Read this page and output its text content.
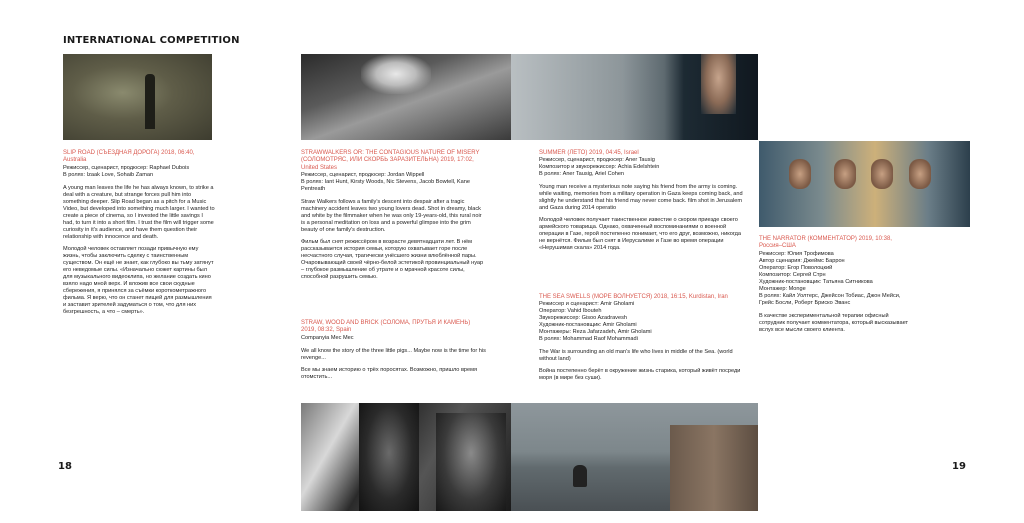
INTERNATIONAL COMPETITION
SLIP ROAD (СЪЕЗДНАЯ ДОРОГА) 2018, 06:40, Australia
Режиссер, сценарист, продюсер: Raphael Dubois
В ролях: Izaak Love, Sohaib Zaman

A young man leaves the life he has always known, to strike a deal with a creature, but strange forces pull him into something deeper. Slip Road began as a pitch for a Music Video, but developed into something much larger. I wanted to create a piece of cinema, so I invested the little savings I had, to turn it into a short film. I trust the film will trigger some curiosity in it's audience, and have them question their relationship with innocence and death.

Молодой человек оставляет позади привычную ему жизнь, чтобы заключить сделку с таинственным существом. Он ещё не знает, как глубоко вы тьму затянут его неведомые силы. «Изначально сюжет картины был для музыкального видеоклипа, но желание создать кино взяло надо мной верх. И вложив все свои скудные сбережения, я принялся за съёмки короткометражного фильма. Я верю, что он станет пищей для размышления и заставит зрителей задуматься о том, что для них безгрешность, а что – смерть».

STRAWWALKERS OR: THE CONTAGIOUS NATURE OF MISERY (СОЛОМОТРЯС, ИЛИ СКОРБЬ ЗАРАЗИТЕЛЬНА) 2019, 17:02, United States
Режиссер, сценарист, продюсер: Jordan Wippell
В ролях: Iant Hunt, Kirsty Woods, Nic Stevens, Jacob Bowtell, Kane Pentreath

Straw Walkers follows a family's descent into despair after a tragic machinery accident leaves two young lovers dead. Shot in dreamy, black and white by the filmmaker when he was only 19-years-old, this rural noir is a personal meditation on loss and a powerful glimpse into the grim beauty of one family's destruction.

Фильм был снят режиссёром в возрасте девятнадцати лет. В нём рассказывается история семьи, которую охватывает горе после несчастного случая, трагически унёсшего жизни влюблённой пары. Очаровывающий своей чёрно-белой эстетикой провинциальный нуар – глубокое размышление об утрате и о мрачной красоте силы, способной разрушить семью.

STRAW, WOOD AND BRICK (СОЛОМА, ПРУТЬЯ И КАМЕНЬ) 2019, 08:32, Spain
Companyia Mec Mec

We all know the story of the three little pigs... Maybe now is the time for his revenge...

Все мы знаем историю о трёх поросятах. Возможно, пришло время отомстить...

SUMMER (ЛЕТО) 2019, 04:45, Israel
Режиссер, сценарист, продюсер: Aner Tausig
Композитор и звукорежиссер: Achia Edelshtein
В ролях: Aner Tausig, Ariel Cohen

Young man receive a mysterious note saying his friend from the army is coming. while waiting, memories from a military operation in Gaza keeps coming back, and slightly he understand that his friend may never come back. film shot in Jerusalem and Gaza during 2014 operatio

Молодой человек получает таинственное известие о скором приезде своего армейского товарища. Однако, охваченный воспоминаниями о военной операции в Газе, герой постепенно понимает, что его друг, возможно, никогда не вернётся. Фильм был снят в Иерусалиме и Газе во время операции «Нерушимая скала» 2014 года.

THE SEA SWELLS (МОРЕ ВОЛНУЕТСЯ) 2018, 16:15, Kurdistan, Iran
Режиссер и сценарист: Amir Gholami
Оператор: Vahid Ibouteh
Звукорежиссер: Gisoo Azadravesh
Художник-постановщик: Amir Gholami
Монтажеры: Reza Jafarzadeh, Amir Gholami
В ролях: Mohammad Raof Mohammadi

The War is surrounding an old man's life who lives in middle of the Sea. (world without land)

Война постепенно берёт в окружение жизнь старика, который живёт посреди моря (в мире без суши).

THE NARRATOR (КОММЕНТАТОР) 2019, 10:38, Россия–США
Режиссер: Юлия Трофимова
Автор сценария: Джеймс Баррон
Оператор: Егор Поволоцкий
Композитор: Сергей Стрн
Художник-постановщик: Татьяна Ситникова
Монтажер: Monge
В ролях: Кайл Уолтерс, Джейсон Тобиас, Джон Мейси, Грейс Босли, Роберт Бриско Эванс

В качестве экспериментальной терапии офисный сотрудник получает комментатора, который высказывает вслух все мысли своего клиента.

18	19
